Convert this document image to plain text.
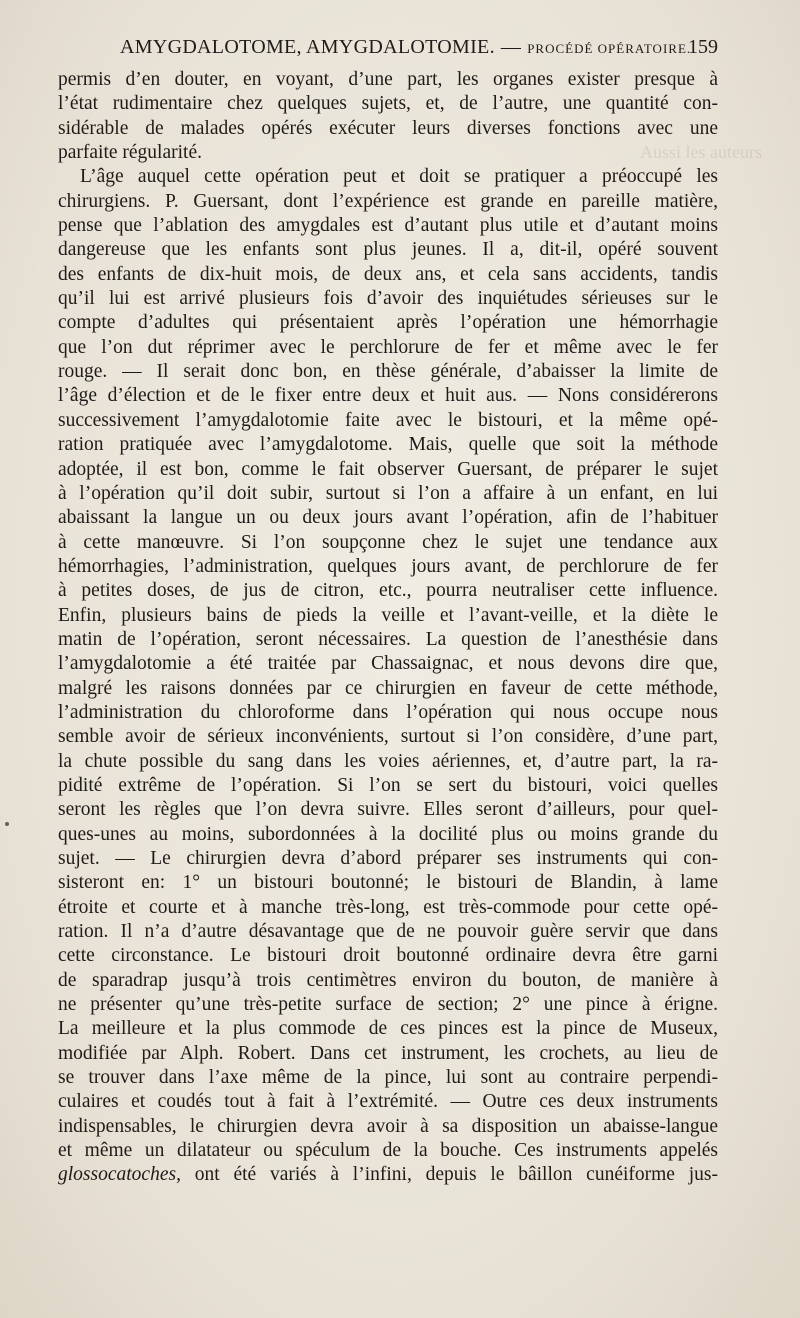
Aussi les auteurs

AMYGDALOTOME, AMYGDALOTOMIE. — PROCÉDÉ OPÉRATOIRE.
159
permis d’en douter, en voyant, d’une part, les organes exister presque à
l’état rudimentaire chez quelques sujets, et, de l’autre, une quantité con-
sidérable de malades opérés exécuter leurs diverses fonctions avec une
parfaite régularité.
L’âge auquel cette opération peut et doit se pratiquer a préoccupé les
chirurgiens. P. Guersant, dont l’expérience est grande en pareille matière,
pense que l’ablation des amygdales est d’autant plus utile et d’autant moins
dangereuse que les enfants sont plus jeunes. Il a, dit-il, opéré souvent
des enfants de dix-huit mois, de deux ans, et cela sans accidents, tandis
qu’il lui est arrivé plusieurs fois d’avoir des inquiétudes sérieuses sur le
compte d’adultes qui présentaient après l’opération une hémorrhagie
que l’on dut réprimer avec le perchlorure de fer et même avec le fer
rouge. — Il serait donc bon, en thèse générale, d’abaisser la limite de
l’âge d’élection et de le fixer entre deux et huit aus. — Nons considérerons
successivement l’amygdalotomie faite avec le bistouri, et la même opé-
ration pratiquée avec l’amygdalotome. Mais, quelle que soit la méthode
adoptée, il est bon, comme le fait observer Guersant, de préparer le sujet
à l’opération qu’il doit subir, surtout si l’on a affaire à un enfant, en lui
abaissant la langue un ou deux jours avant l’opération, afin de l’habituer
à cette manœuvre. Si l’on soupçonne chez le sujet une tendance aux
hémorrhagies, l’administration, quelques jours avant, de perchlorure de fer
à petites doses, de jus de citron, etc., pourra neutraliser cette influence.
Enfin, plusieurs bains de pieds la veille et l’avant-veille, et la diète le
matin de l’opération, seront nécessaires. La question de l’anesthésie dans
l’amygdalotomie a été traitée par Chassaignac, et nous devons dire que,
malgré les raisons données par ce chirurgien en faveur de cette méthode,
l’administration du chloroforme dans l’opération qui nous occupe nous
semble avoir de sérieux inconvénients, surtout si l’on considère, d’une part,
la chute possible du sang dans les voies aériennes, et, d’autre part, la ra-
pidité extrême de l’opération. Si l’on se sert du bistouri, voici quelles
seront les règles que l’on devra suivre. Elles seront d’ailleurs, pour quel-
ques-unes au moins, subordonnées à la docilité plus ou moins grande du
sujet. — Le chirurgien devra d’abord préparer ses instruments qui con-
sisteront en: 1° un bistouri boutonné; le bistouri de Blandin, à lame
étroite et courte et à manche très-long, est très-commode pour cette opé-
ration. Il n’a d’autre désavantage que de ne pouvoir guère servir que dans
cette circonstance. Le bistouri droit boutonné ordinaire devra être garni
de sparadrap jusqu’à trois centimètres environ du bouton, de manière à
ne présenter qu’une très-petite surface de section; 2° une pince à érigne.
La meilleure et la plus commode de ces pinces est la pince de Museux,
modifiée par Alph. Robert. Dans cet instrument, les crochets, au lieu de
se trouver dans l’axe même de la pince, lui sont au contraire perpendi-
culaires et coudés tout à fait à l’extrémité. — Outre ces deux instruments
indispensables, le chirurgien devra avoir à sa disposition un abaisse-langue
et même un dilatateur ou spéculum de la bouche. Ces instruments appelés
glossocatoches, ont été variés à l’infini, depuis le bâillon cunéiforme jus-
